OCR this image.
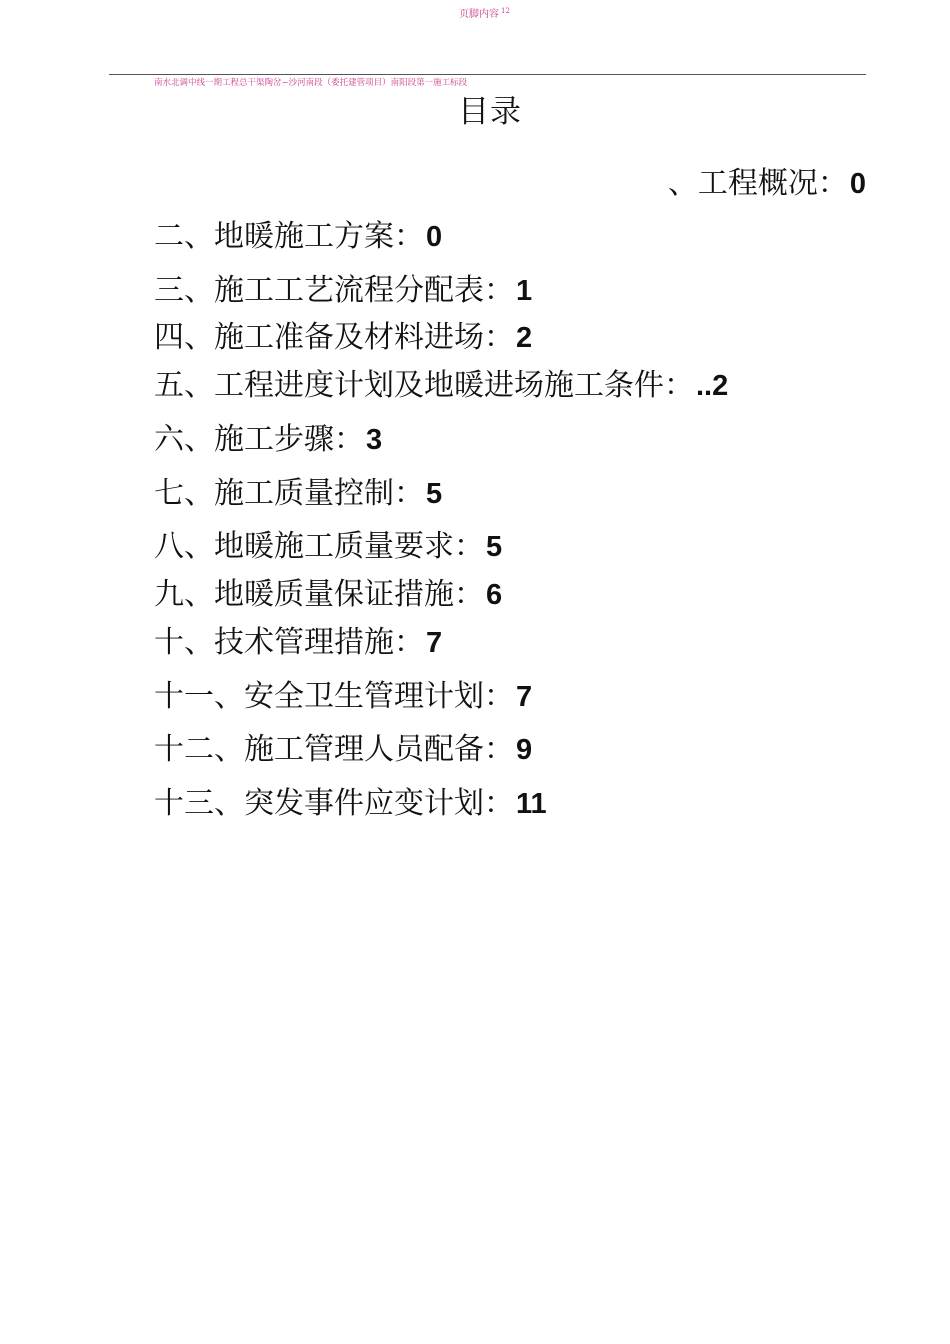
页脚内容 $^{12}$
南水北调中线一期工程总干渠陶岔~沙河南段（委托建管项目）南阳段第一施工标段
目录
、工程概况：0
二、地暖施工方案：0
三、施工工艺流程分配表：1
四、施工准备及材料进场：2
五、工程进度计划及地暖进场施工条件：..2
六、施工步骤：3
七、施工质量控制：5
八、地暖施工质量要求：5
九、地暖质量保证措施：6
十、技术管理措施：7
十一、安全卫生管理计划：7
十二、施工管理人员配备：9
十三、突发事件应变计划：11
